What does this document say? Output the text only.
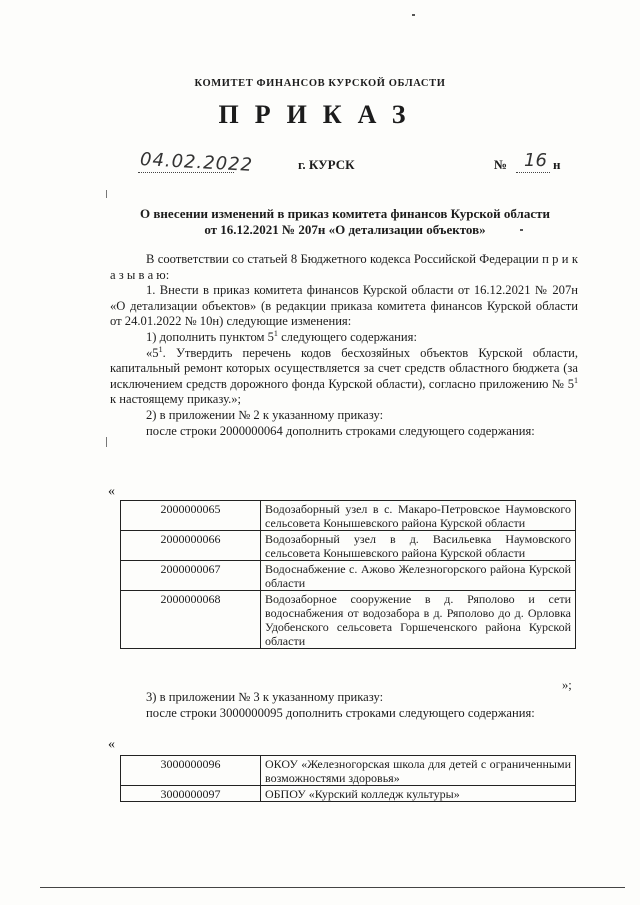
КОМИТЕТ ФИНАНСОВ КУРСКОЙ ОБЛАСТИ
ПРИКАЗ
04.02.2022	г. КУРСК	№ 16 н
О внесении изменений в приказ комитета финансов Курской области
от 16.12.2021 № 207н «О детализации объектов»

В соответствии со статьей 8 Бюджетного кодекса Российской Федерации п р и к а з ы в а ю:

1. Внести в приказ комитета финансов Курской области от 16.12.2021 № 207н «О детализации объектов» (в редакции приказа комитета финансов Курской области от 24.01.2022 № 10н) следующие изменения:

1) дополнить пунктом $5^1$ следующего содержания:

«$5^1$. Утвердить перечень кодов бесхозяйных объектов Курской области, капитальный ремонт которых осуществляется за счет средств областного бюджета (за исключением средств дорожного фонда Курской области), согласно приложению № $5^1$ к настоящему приказу.»;

2) в приложении № 2 к указанному приказу:

после строки 2000000064 дополнить строками следующего содержания:

«
2000000065	Водозаборный узел в с. Макаро-Петровское Наумовского сельсовета Конышевского района Курской области
2000000066	Водозаборный узел в д. Васильевка Наумовского сельсовета Конышевского района Курской области
2000000067	Водоснабжение с. Ажово Железногорского района Курской области
2000000068	Водозаборное сооружение в д. Ряполово и сети водоснабжения от водозабора в д. Ряполово до д. Орловка Удобенского сельсовета Горшеченского района Курской области
»;

3) в приложении № 3 к указанному приказу:

после строки 3000000095 дополнить строками следующего содержания:

«
3000000096	ОКОУ «Железногорская школа для детей с ограниченными возможностями здоровья»
3000000097	ОБПОУ «Курский колледж культуры»
